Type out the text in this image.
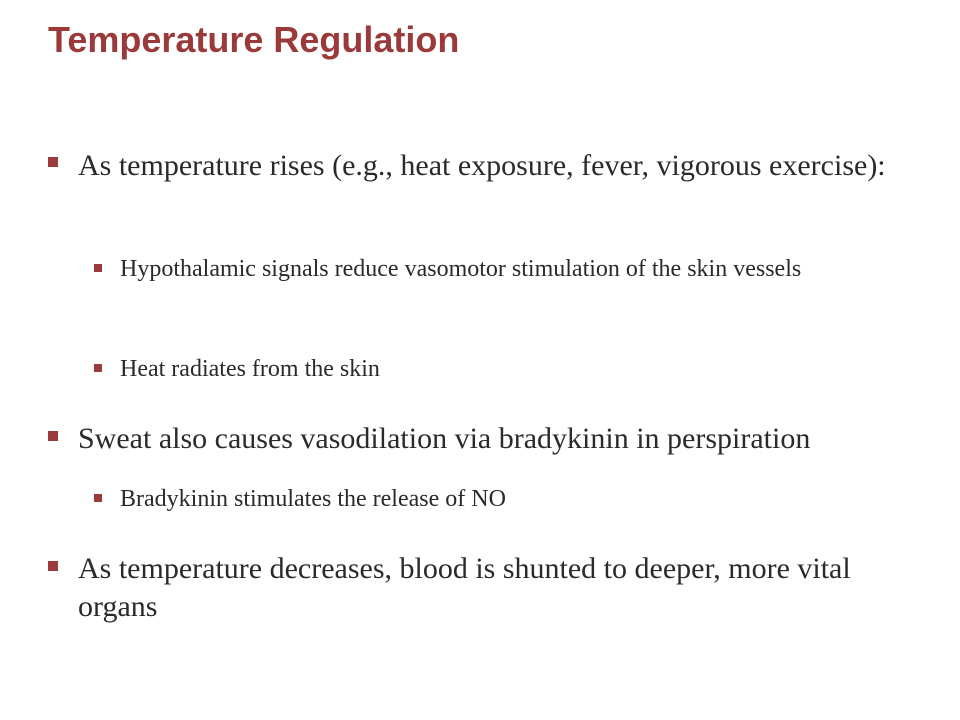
Temperature Regulation

As temperature rises (e.g., heat exposure, fever, vigorous exercise):

Hypothalamic signals reduce vasomotor stimulation of the skin vessels

Heat radiates from the skin

Sweat also causes vasodilation via bradykinin in perspiration

Bradykinin stimulates the release of NO

As temperature decreases, blood is shunted to deeper, more vital organs
